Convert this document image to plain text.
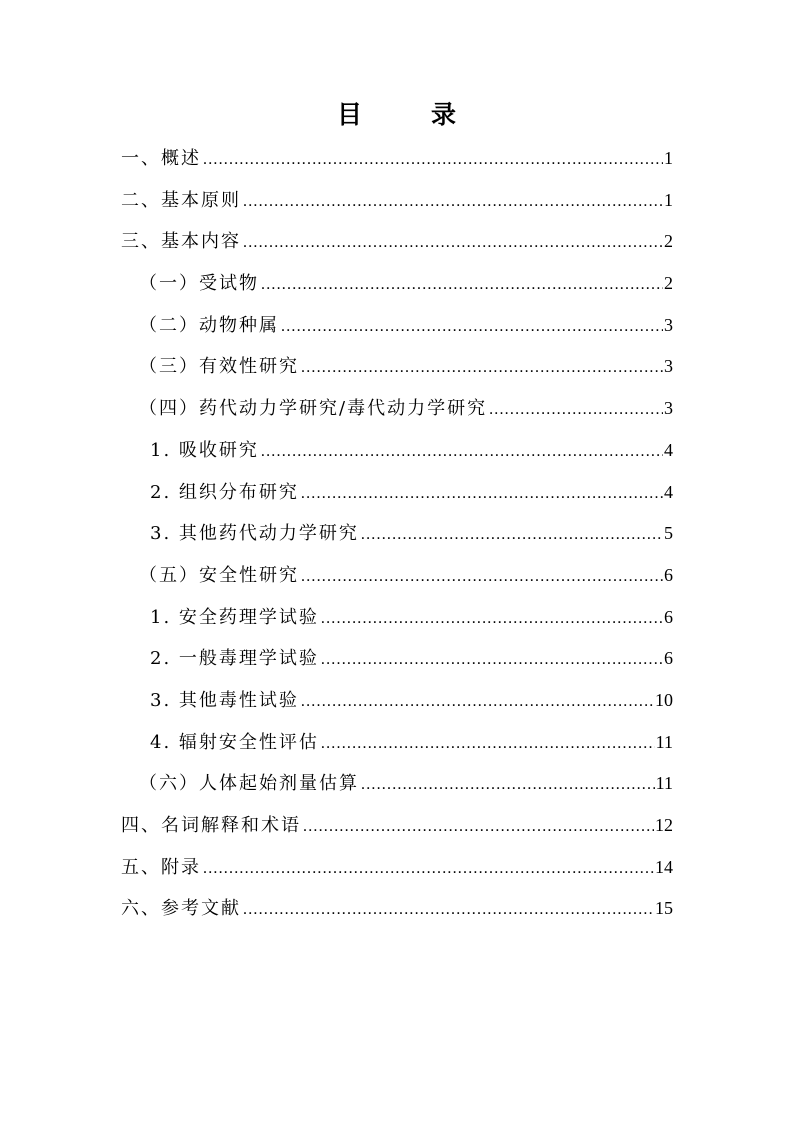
目　录
一、概述 .....	1
二、基本原则 .....	1
三、基本内容 .....	2
（一）受试物 .....	2
（二）动物种属 .....	3
（三）有效性研究 .....	3
（四）药代动力学研究/毒代动力学研究 .....	3
1. 吸收研究 .....	4
2. 组织分布研究 .....	4
3. 其他药代动力学研究 .....	5
（五）安全性研究 .....	6
1. 安全药理学试验 .....	6
2. 一般毒理学试验 .....	6
3. 其他毒性试验 .....	10
4. 辐射安全性评估 .....	11
（六）人体起始剂量估算 .....	11
四、名词解释和术语 .....	12
五、附录 .....	14
六、参考文献 .....	15
